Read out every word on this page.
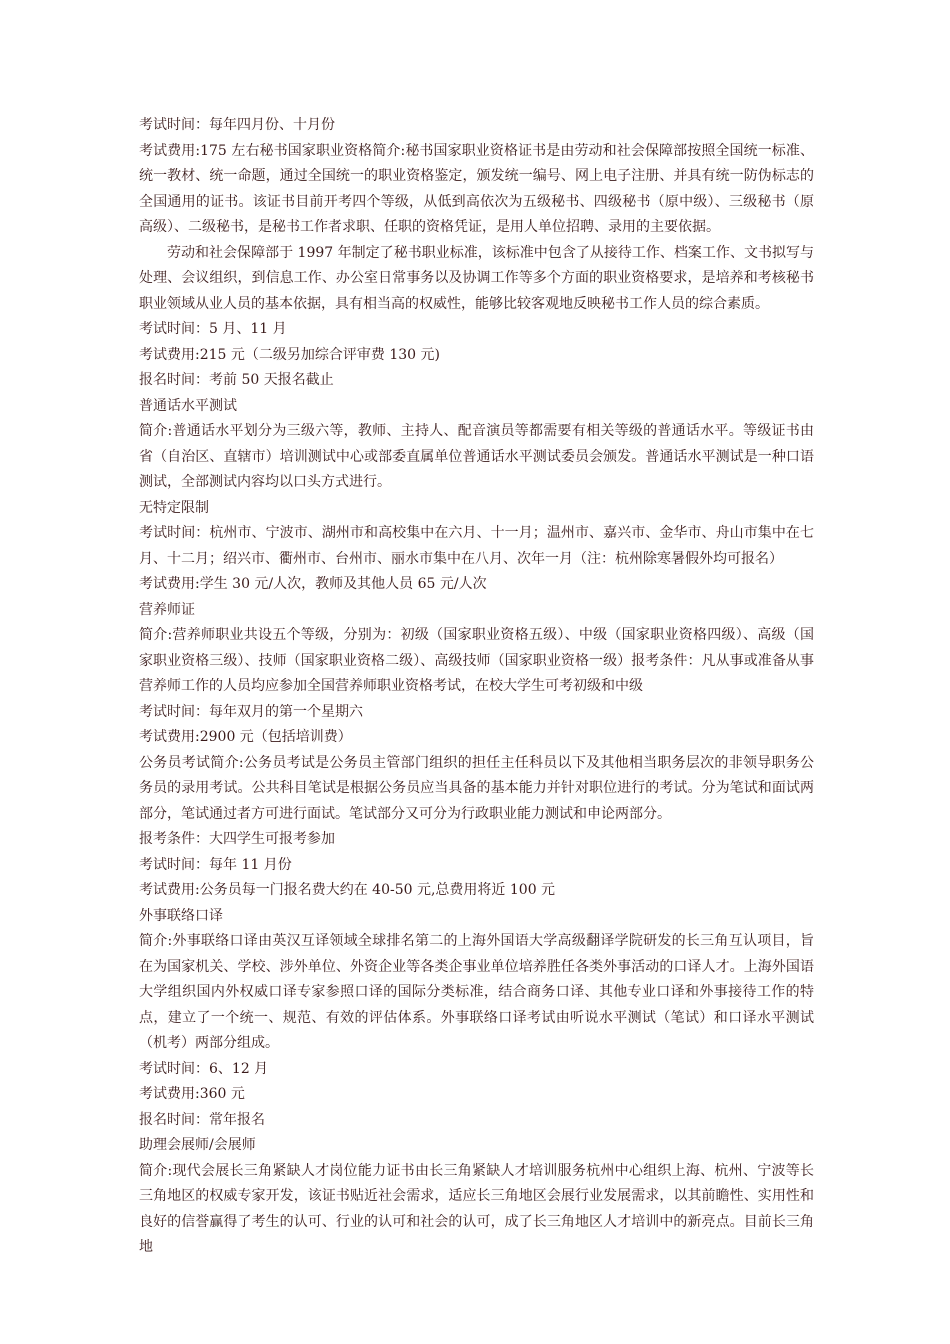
考试时间：每年四月份、十月份

考试费用:175 左右秘书国家职业资格简介:秘书国家职业资格证书是由劳动和社会保障部按照全国统一标准、统一教材、统一命题，通过全国统一的职业资格鉴定，颁发统一编号、网上电子注册、并具有统一防伪标志的全国通用的证书。该证书目前开考四个等级，从低到高依次为五级秘书、四级秘书（原中级）、三级秘书（原高级）、二级秘书，是秘书工作者求职、任职的资格凭证，是用人单位招聘、录用的主要依据。

劳动和社会保障部于 1997 年制定了秘书职业标准，该标准中包含了从接待工作、档案工作、文书拟写与处理、会议组织，到信息工作、办公室日常事务以及协调工作等多个方面的职业资格要求，是培养和考核秘书职业领域从业人员的基本依据，具有相当高的权威性，能够比较客观地反映秘书工作人员的综合素质。

考试时间：5 月、11 月

考试费用:215 元（二级另加综合评审费 130 元)

报名时间：考前 50 天报名截止

普通话水平测试

简介:普通话水平划分为三级六等，教师、主持人、配音演员等都需要有相关等级的普通话水平。等级证书由省（自治区、直辖市）培训测试中心或部委直属单位普通话水平测试委员会颁发。普通话水平测试是一种口语测试，全部测试内容均以口头方式进行。

无特定限制

考试时间：杭州市、宁波市、湖州市和高校集中在六月、十一月；温州市、嘉兴市、金华市、舟山市集中在七月、十二月；绍兴市、衢州市、台州市、丽水市集中在八月、次年一月（注：杭州除寒暑假外均可报名）

考试费用:学生 30 元/人次，教师及其他人员 65 元/人次

营养师证

简介:营养师职业共设五个等级，分别为：初级（国家职业资格五级）、中级（国家职业资格四级）、高级（国家职业资格三级）、技师（国家职业资格二级）、高级技师（国家职业资格一级）报考条件：凡从事或准备从事营养师工作的人员均应参加全国营养师职业资格考试，在校大学生可考初级和中级

考试时间：每年双月的第一个星期六

考试费用:2900 元（包括培训费）

公务员考试简介:公务员考试是公务员主管部门组织的担任主任科员以下及其他相当职务层次的非领导职务公务员的录用考试。公共科目笔试是根据公务员应当具备的基本能力并针对职位进行的考试。分为笔试和面试两部分，笔试通过者方可进行面试。笔试部分又可分为行政职业能力测试和申论两部分。

报考条件：大四学生可报考参加

考试时间：每年 11 月份

考试费用:公务员每一门报名费大约在 40-50 元,总费用将近 100 元

外事联络口译

简介:外事联络口译由英汉互译领域全球排名第二的上海外国语大学高级翻译学院研发的长三角互认项目，旨在为国家机关、学校、涉外单位、外资企业等各类企事业单位培养胜任各类外事活动的口译人才。上海外国语大学组织国内外权威口译专家参照口译的国际分类标准，结合商务口译、其他专业口译和外事接待工作的特点，建立了一个统一、规范、有效的评估体系。外事联络口译考试由听说水平测试（笔试）和口译水平测试（机考）两部分组成。

考试时间：6、12 月

考试费用:360 元

报名时间：常年报名

助理会展师/会展师

简介:现代会展长三角紧缺人才岗位能力证书由长三角紧缺人才培训服务杭州中心组织上海、杭州、宁波等长三角地区的权威专家开发，该证书贴近社会需求，适应长三角地区会展行业发展需求，以其前瞻性、实用性和良好的信誉赢得了考生的认可、行业的认可和社会的认可，成了长三角地区人才培训中的新亮点。目前长三角地
